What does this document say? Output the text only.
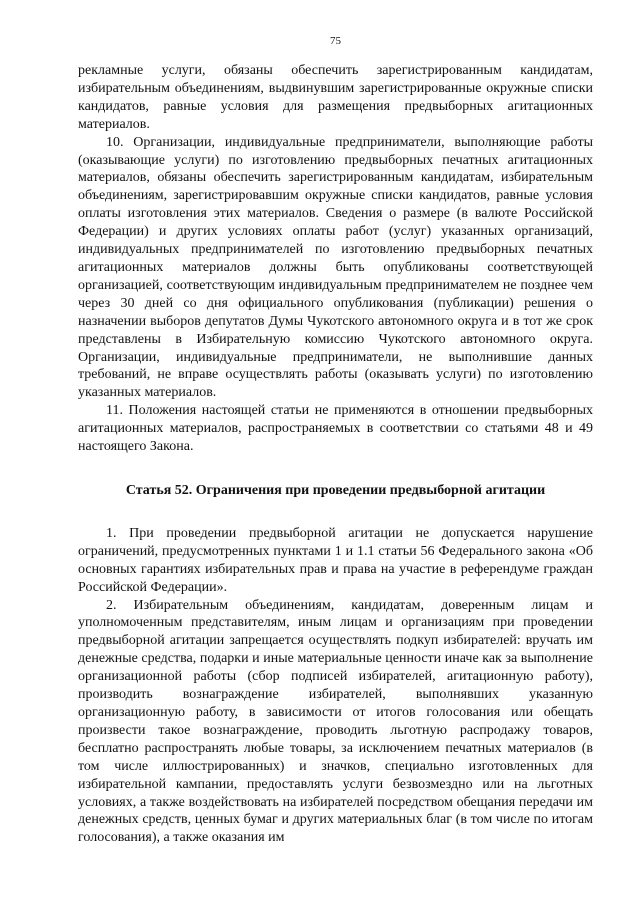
75

рекламные услуги, обязаны обеспечить зарегистрированным кандидатам, избирательным объединениям, выдвинувшим зарегистрированные окружные списки кандидатов, равные условия для размещения предвыборных агитационных материалов.

10. Организации, индивидуальные предприниматели, выполняющие работы (оказывающие услуги) по изготовлению предвыборных печатных агитационных материалов, обязаны обеспечить зарегистрированным кандидатам, избирательным объединениям, зарегистрировавшим окружные списки кандидатов, равные условия оплаты изготовления этих материалов. Сведения о размере (в валюте Российской Федерации) и других условиях оплаты работ (услуг) указанных организаций, индивидуальных предпринимателей по изготовлению предвыборных печатных агитационных материалов должны быть опубликованы соответствующей организацией, соответствующим индивидуальным предпринимателем не позднее чем через 30 дней со дня официального опубликования (публикации) решения о назначении выборов депутатов Думы Чукотского автономного округа и в тот же срок представлены в Избирательную комиссию Чукотского автономного округа. Организации, индивидуальные предприниматели, не выполнившие данных требований, не вправе осуществлять работы (оказывать услуги) по изготовлению указанных материалов.

11. Положения настоящей статьи не применяются в отношении предвыборных агитационных материалов, распространяемых в соответствии со статьями 48 и 49 настоящего Закона.

Статья 52. Ограничения при проведении предвыборной агитации

1. При проведении предвыборной агитации не допускается нарушение ограничений, предусмотренных пунктами 1 и 1.1 статьи 56 Федерального закона «Об основных гарантиях избирательных прав и права на участие в референдуме граждан Российской Федерации».

2. Избирательным объединениям, кандидатам, доверенным лицам и уполномоченным представителям, иным лицам и организациям при проведении предвыборной агитации запрещается осуществлять подкуп избирателей: вручать им денежные средства, подарки и иные материальные ценности иначе как за выполнение организационной работы (сбор подписей избирателей, агитационную работу), производить вознаграждение избирателей, выполнявших указанную организационную работу, в зависимости от итогов голосования или обещать произвести такое вознаграждение, проводить льготную распродажу товаров, бесплатно распространять любые товары, за исключением печатных материалов (в том числе иллюстрированных) и значков, специально изготовленных для избирательной кампании, предоставлять услуги безвозмездно или на льготных условиях, а также воздействовать на избирателей посредством обещания передачи им денежных средств, ценных бумаг и других материальных благ (в том числе по итогам голосования), а также оказания им
